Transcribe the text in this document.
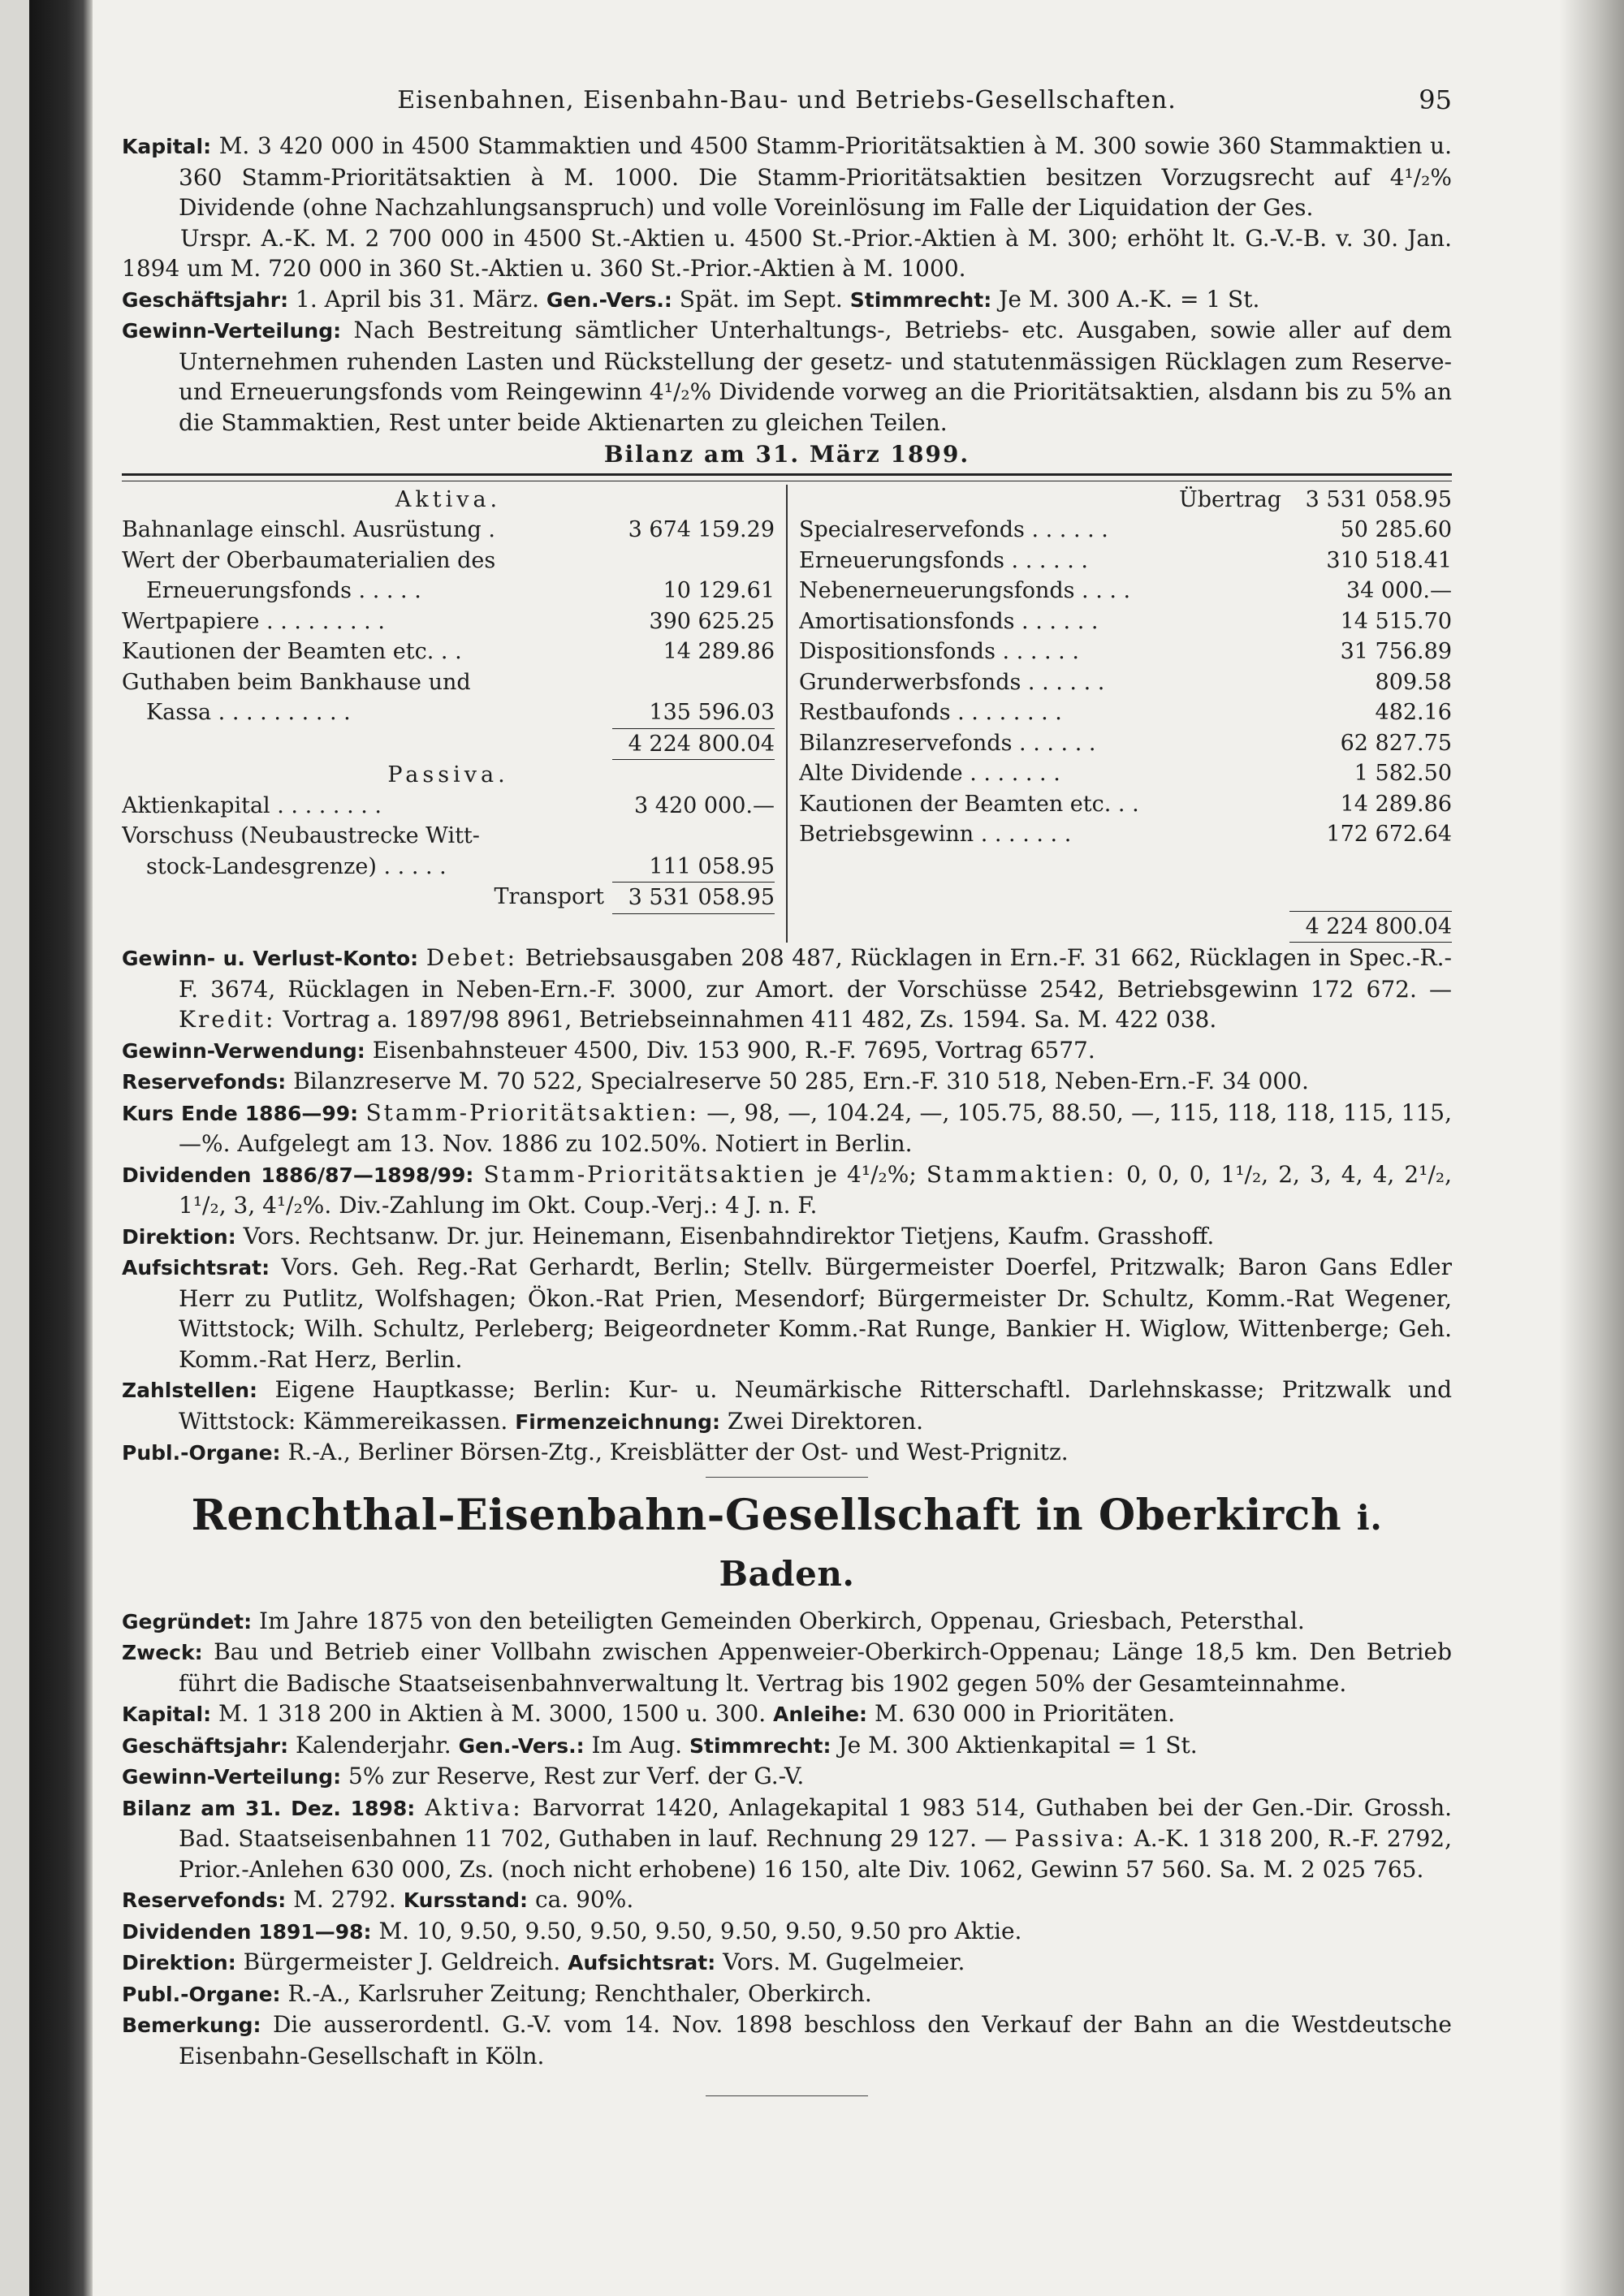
Eisenbahnen, Eisenbahn-Bau- und Betriebs-Gesellschaften.	95

Kapital: M. 3 420 000 in 4500 Stammaktien und 4500 Stamm-Prioritätsaktien à M. 300 sowie 360 Stammaktien u. 360 Stamm-Prioritätsaktien à M. 1000. Die Stamm-Prioritätsaktien besitzen Vorzugsrecht auf 4¹/₂% Dividende (ohne Nachzahlungsanspruch) und volle Voreinlösung im Falle der Liquidation der Ges.

Urspr. A.-K. M. 2 700 000 in 4500 St.-Aktien u. 4500 St.-Prior.-Aktien à M. 300; erhöht lt. G.-V.-B. v. 30. Jan. 1894 um M. 720 000 in 360 St.-Aktien u. 360 St.-Prior.-Aktien à M. 1000.

Geschäftsjahr: 1. April bis 31. März. Gen.-Vers.: Spät. im Sept. Stimmrecht: Je M. 300 A.-K. = 1 St.

Gewinn-Verteilung: Nach Bestreitung sämtlicher Unterhaltungs-, Betriebs- etc. Ausgaben, sowie aller auf dem Unternehmen ruhenden Lasten und Rückstellung der gesetz- und statutenmässigen Rücklagen zum Reserve- und Erneuerungsfonds vom Reingewinn 4¹/₂% Dividende vorweg an die Prioritätsaktien, alsdann bis zu 5% an die Stammaktien, Rest unter beide Aktienarten zu gleichen Teilen.

Bilanz am 31. März 1899.
Aktiva.
Bahnanlage einschl. Ausrüstung .	3 674 159.29
Wert der Oberbaumaterialien des
Erneuerungsfonds . . . . .	10 129.61
Wertpapiere . . . . . . . . .	390 625.25
Kautionen der Beamten etc. . .	14 289.86
Guthaben beim Bankhause und
Kassa . . . . . . . . . .	135 596.03
4 224 800.04
Passiva.
Aktienkapital . . . . . . . .	3 420 000.—
Vorschuss (Neubaustrecke Witt-
stock-Landesgrenze) . . . . .	111 058.95
Transport	3 531 058.95
Übertrag	3 531 058.95
Specialreservefonds . . . . . .	50 285.60
Erneuerungsfonds . . . . . .	310 518.41
Nebenerneuerungsfonds . . . .	34 000.—
Amortisationsfonds . . . . . .	14 515.70
Dispositionsfonds . . . . . .	31 756.89
Grunderwerbsfonds . . . . . .	809.58
Restbaufonds . . . . . . . .	482.16
Bilanzreservefonds . . . . . .	62 827.75
Alte Dividende . . . . . . .	1 582.50
Kautionen der Beamten etc. . .	14 289.86
Betriebsgewinn . . . . . . .	172 672.64
4 224 800.04

Gewinn- u. Verlust-Konto: Debet: Betriebsausgaben 208 487, Rücklagen in Ern.-F. 31 662, Rücklagen in Spec.-R.-F. 3674, Rücklagen in Neben-Ern.-F. 3000, zur Amort. der Vorschüsse 2542, Betriebsgewinn 172 672. — Kredit: Vortrag a. 1897/98 8961, Betriebseinnahmen 411 482, Zs. 1594. Sa. M. 422 038.

Gewinn-Verwendung: Eisenbahnsteuer 4500, Div. 153 900, R.-F. 7695, Vortrag 6577.

Reservefonds: Bilanzreserve M. 70 522, Specialreserve 50 285, Ern.-F. 310 518, Neben-Ern.-F. 34 000.

Kurs Ende 1886—99: Stamm-Prioritätsaktien: —, 98, —, 104.24, —, 105.75, 88.50, —, 115, 118, 118, 115, 115, —%. Aufgelegt am 13. Nov. 1886 zu 102.50%. Notiert in Berlin.

Dividenden 1886/87—1898/99: Stamm-Prioritätsaktien je 4¹/₂%; Stammaktien: 0, 0, 0, 1¹/₂, 2, 3, 4, 4, 2¹/₂, 1¹/₂, 3, 4¹/₂%. Div.-Zahlung im Okt. Coup.-Verj.: 4 J. n. F.

Direktion: Vors. Rechtsanw. Dr. jur. Heinemann, Eisenbahndirektor Tietjens, Kaufm. Grasshoff.

Aufsichtsrat: Vors. Geh. Reg.-Rat Gerhardt, Berlin; Stellv. Bürgermeister Doerfel, Pritzwalk; Baron Gans Edler Herr zu Putlitz, Wolfshagen; Ökon.-Rat Prien, Mesendorf; Bürgermeister Dr. Schultz, Komm.-Rat Wegener, Wittstock; Wilh. Schultz, Perleberg; Beigeordneter Komm.-Rat Runge, Bankier H. Wiglow, Wittenberge; Geh. Komm.-Rat Herz, Berlin.

Zahlstellen: Eigene Hauptkasse; Berlin: Kur- u. Neumärkische Ritterschaftl. Darlehnskasse; Pritzwalk und Wittstock: Kämmereikassen. Firmenzeichnung: Zwei Direktoren.

Publ.-Organe: R.-A., Berliner Börsen-Ztg., Kreisblätter der Ost- und West-Prignitz.

Renchthal-Eisenbahn-Gesellschaft in Oberkirch i. Baden.

Gegründet: Im Jahre 1875 von den beteiligten Gemeinden Oberkirch, Oppenau, Griesbach, Petersthal.

Zweck: Bau und Betrieb einer Vollbahn zwischen Appenweier-Oberkirch-Oppenau; Länge 18,5 km. Den Betrieb führt die Badische Staatseisenbahnverwaltung lt. Vertrag bis 1902 gegen 50% der Gesamteinnahme.

Kapital: M. 1 318 200 in Aktien à M. 3000, 1500 u. 300. Anleihe: M. 630 000 in Prioritäten.

Geschäftsjahr: Kalenderjahr. Gen.-Vers.: Im Aug. Stimmrecht: Je M. 300 Aktienkapital = 1 St.

Gewinn-Verteilung: 5% zur Reserve, Rest zur Verf. der G.-V.

Bilanz am 31. Dez. 1898: Aktiva: Barvorrat 1420, Anlagekapital 1 983 514, Guthaben bei der Gen.-Dir. Grossh. Bad. Staatseisenbahnen 11 702, Guthaben in lauf. Rechnung 29 127. — Passiva: A.-K. 1 318 200, R.-F. 2792, Prior.-Anlehen 630 000, Zs. (noch nicht erhobene) 16 150, alte Div. 1062, Gewinn 57 560. Sa. M. 2 025 765.

Reservefonds: M. 2792. Kursstand: ca. 90%.

Dividenden 1891—98: M. 10, 9.50, 9.50, 9.50, 9.50, 9.50, 9.50, 9.50 pro Aktie.

Direktion: Bürgermeister J. Geldreich. Aufsichtsrat: Vors. M. Gugelmeier.

Publ.-Organe: R.-A., Karlsruher Zeitung; Renchthaler, Oberkirch.

Bemerkung: Die ausserordentl. G.-V. vom 14. Nov. 1898 beschloss den Verkauf der Bahn an die Westdeutsche Eisenbahn-Gesellschaft in Köln.
